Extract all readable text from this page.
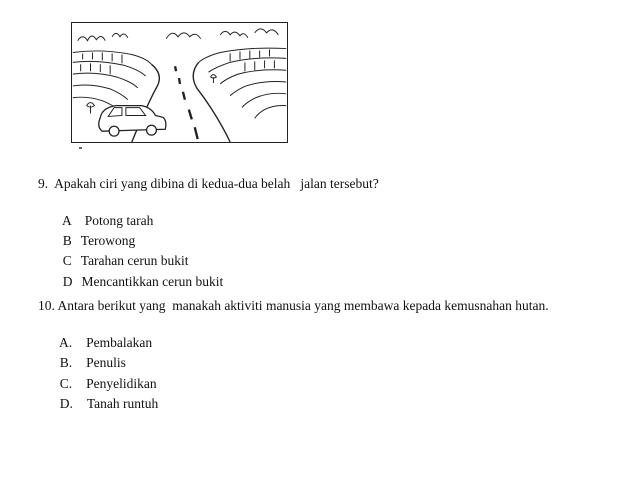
9.  Apakah ciri yang dibina di kedua-dua belah   jalan tersebut?

A Potong tarah

B Terowong

C Tarahan cerun bukit

D Mencantikkan cerun bukit

10. Antara berikut yang  manakah aktiviti manusia yang membawa kepada kemusnahan hutan.

A. Pembalakan

B. Penulis

C. Penyelidikan

D. Tanah runtuh
